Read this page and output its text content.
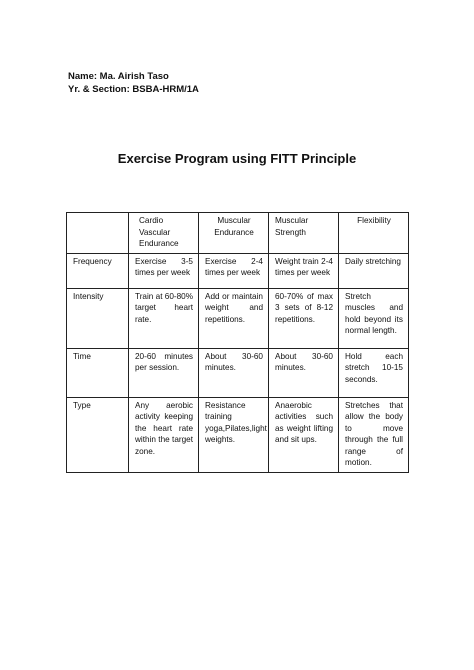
Name: Ma. Airish Taso
Yr. & Section: BSBA-HRM/1A
Exercise Program using FITT Principle
	Cardio Vascular Endurance	Muscular Endurance	Muscular Strength	Flexibility
Frequency	Exercise 3-5 times per week	Exercise 2-4 times per week	Weight train 2-4 times per week	Daily stretching
Intensity	Train at 60-80% target heart rate.	Add or maintain weight and repetitions.	60-70% of max 3 sets of 8-12 repetitions.	Stretch muscles and hold beyond its normal length.
Time	20-60 minutes per session.	About 30-60 minutes.	About 30-60 minutes.	Hold each stretch 10-15 seconds.
Type	Any aerobic activity keeping the heart rate within the target zone.	Resistance training yoga,Pilates,light weights.	Anaerobic activities such as weight lifting and sit ups.	Stretches that allow the body to move through the full range of motion.
